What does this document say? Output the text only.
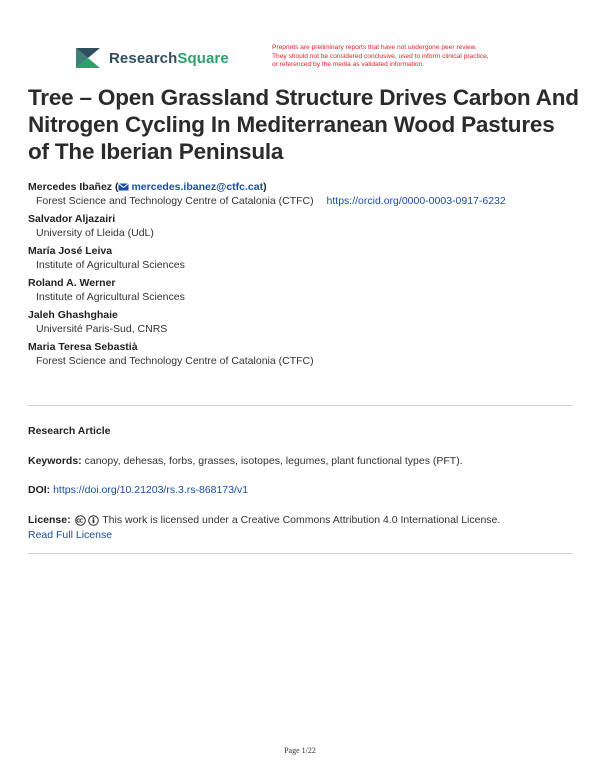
ResearchSquare
Preprints are preliminary reports that have not undergone peer review.
They should not be considered conclusive, used to inform clinical practice,
or referenced by the media as validated information.
Tree – Open Grassland Structure Drives Carbon And Nitrogen Cycling In Mediterranean Wood Pastures of The Iberian Peninsula
Mercedes Ibañez ( mercedes.ibanez@ctfc.cat)
Forest Science and Technology Centre of Catalonia (CTFC) https://orcid.org/0000-0003-0917-6232
Salvador Aljazairi
University of Lleida (UdL)
María José Leiva
Institute of Agricultural Sciences
Roland A. Werner
Institute of Agricultural Sciences
Jaleh Ghashghaie
Université Paris-Sud, CNRS
Maria Teresa Sebastià
Forest Science and Technology Centre of Catalonia (CTFC)
Research Article
Keywords: canopy, dehesas, forbs, grasses, isotopes, legumes, plant functional types (PFT).
DOI: https://doi.org/10.21203/rs.3.rs-868173/v1
License:	This work is licensed under a Creative Commons Attribution 4.0 International License.
Read Full License
Page 1/22
